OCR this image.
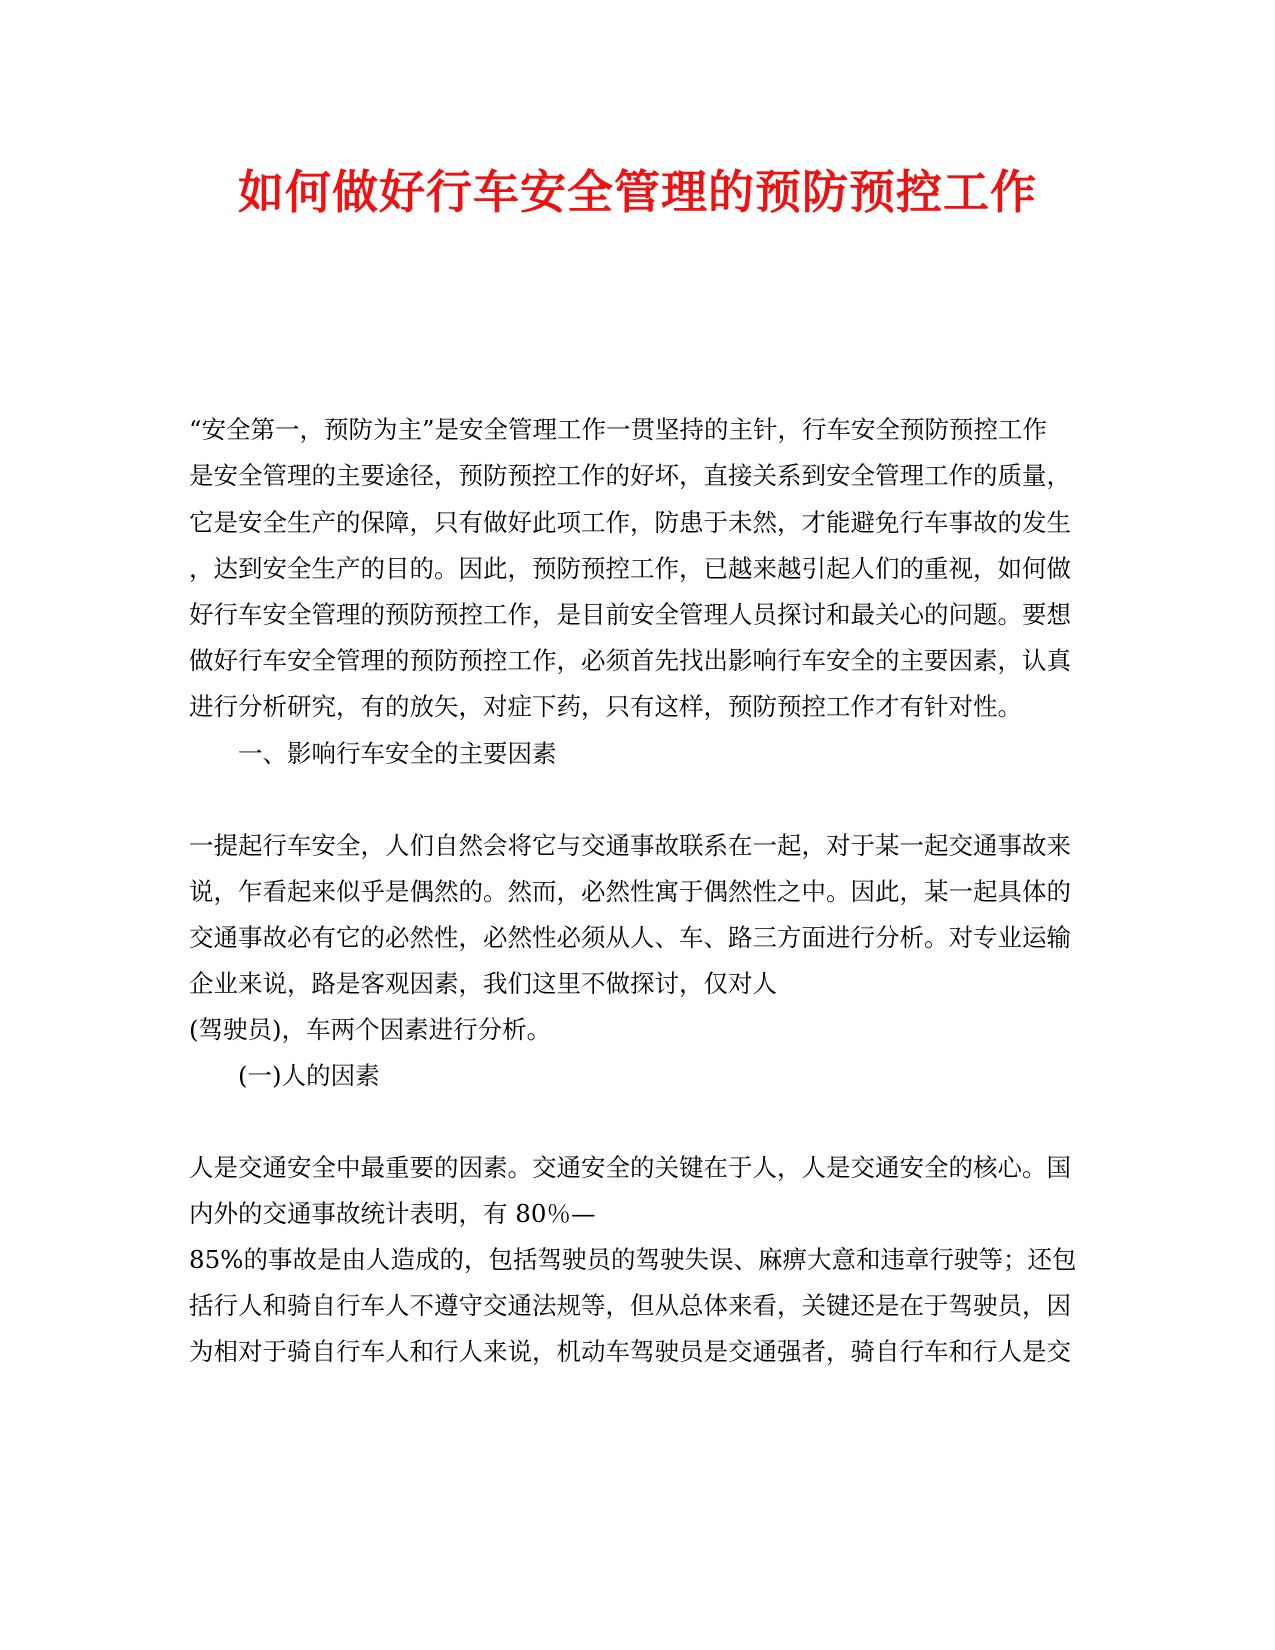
如何做好行车安全管理的预防预控工作
“安全第一，预防为主”是安全管理工作一贯坚持的主针，行车安全预防预控工作
是安全管理的主要途径，预防预控工作的好坏，直接关系到安全管理工作的质量，
它是安全生产的保障，只有做好此项工作，防患于未然，才能避免行车事故的发生
，达到安全生产的目的。因此，预防预控工作，已越来越引起人们的重视，如何做
好行车安全管理的预防预控工作，是目前安全管理人员探讨和最关心的问题。要想
做好行车安全管理的预防预控工作，必须首先找出影响行车安全的主要因素，认真
进行分析研究，有的放矢，对症下药，只有这样，预防预控工作才有针对性。
一、影响行车安全的主要因素
一提起行车安全，人们自然会将它与交通事故联系在一起，对于某一起交通事故来
说，乍看起来似乎是偶然的。然而，必然性寓于偶然性之中。因此，某一起具体的
交通事故必有它的必然性，必然性必须从人、车、路三方面进行分析。对专业运输
企业来说，路是客观因素，我们这里不做探讨，仅对人
(驾驶员)，车两个因素进行分析。
(一)人的因素
人是交通安全中最重要的因素。交通安全的关键在于人，人是交通安全的核心。国
内外的交通事故统计表明，有 80％—
85%的事故是由人造成的，包括驾驶员的驾驶失误、麻痹大意和违章行驶等；还包
括行人和骑自行车人不遵守交通法规等，但从总体来看，关键还是在于驾驶员，因
为相对于骑自行车人和行人来说，机动车驾驶员是交通强者，骑自行车和行人是交
